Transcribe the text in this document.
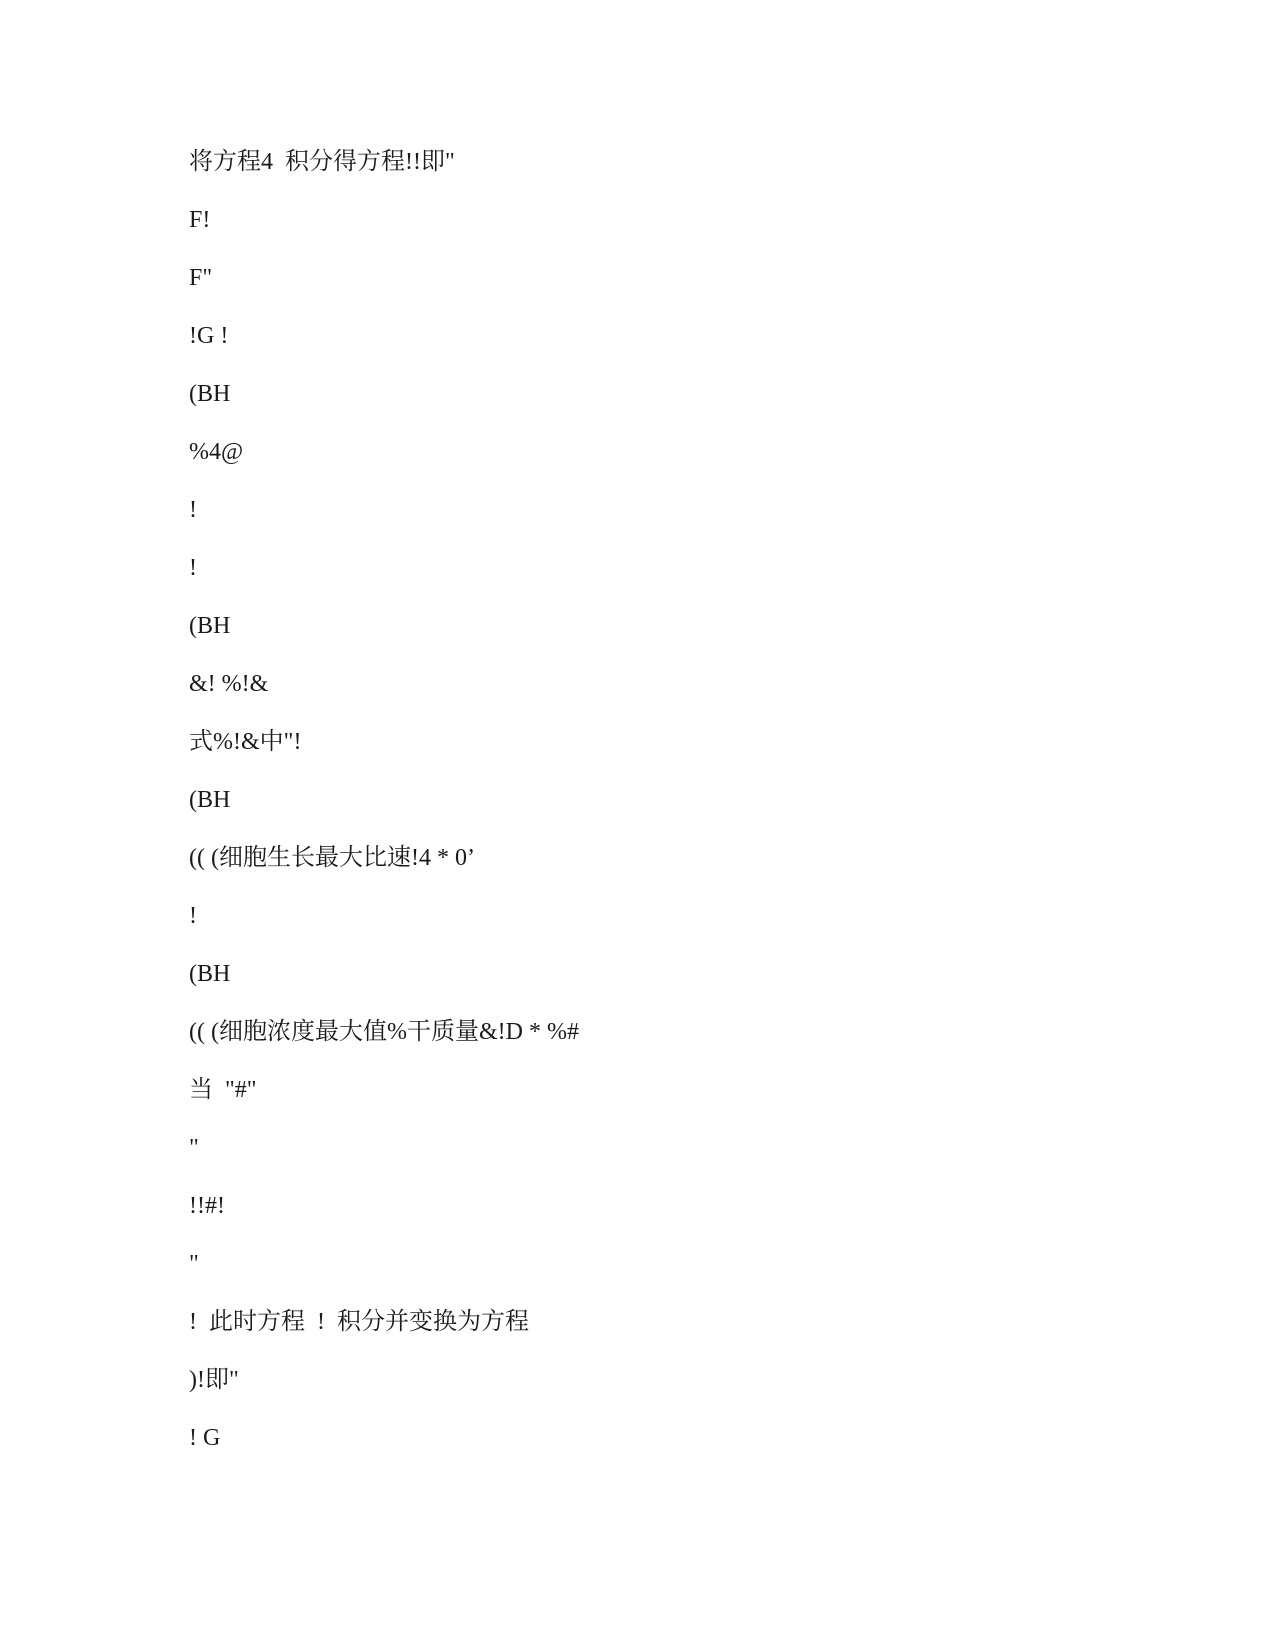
将方程4  积分得方程!!即"
F!
F"
!G !
(BH
%4@
!
!
(BH
&! %!&
式%!&中"!
(BH
(( (细胞生长最大比速!4 * 0’
!
(BH
(( (细胞浓度最大值%干质量&!D * %#
当  "#"
"
!!#!
"
!  此时方程  !  积分并变换为方程
)!即"
! G
